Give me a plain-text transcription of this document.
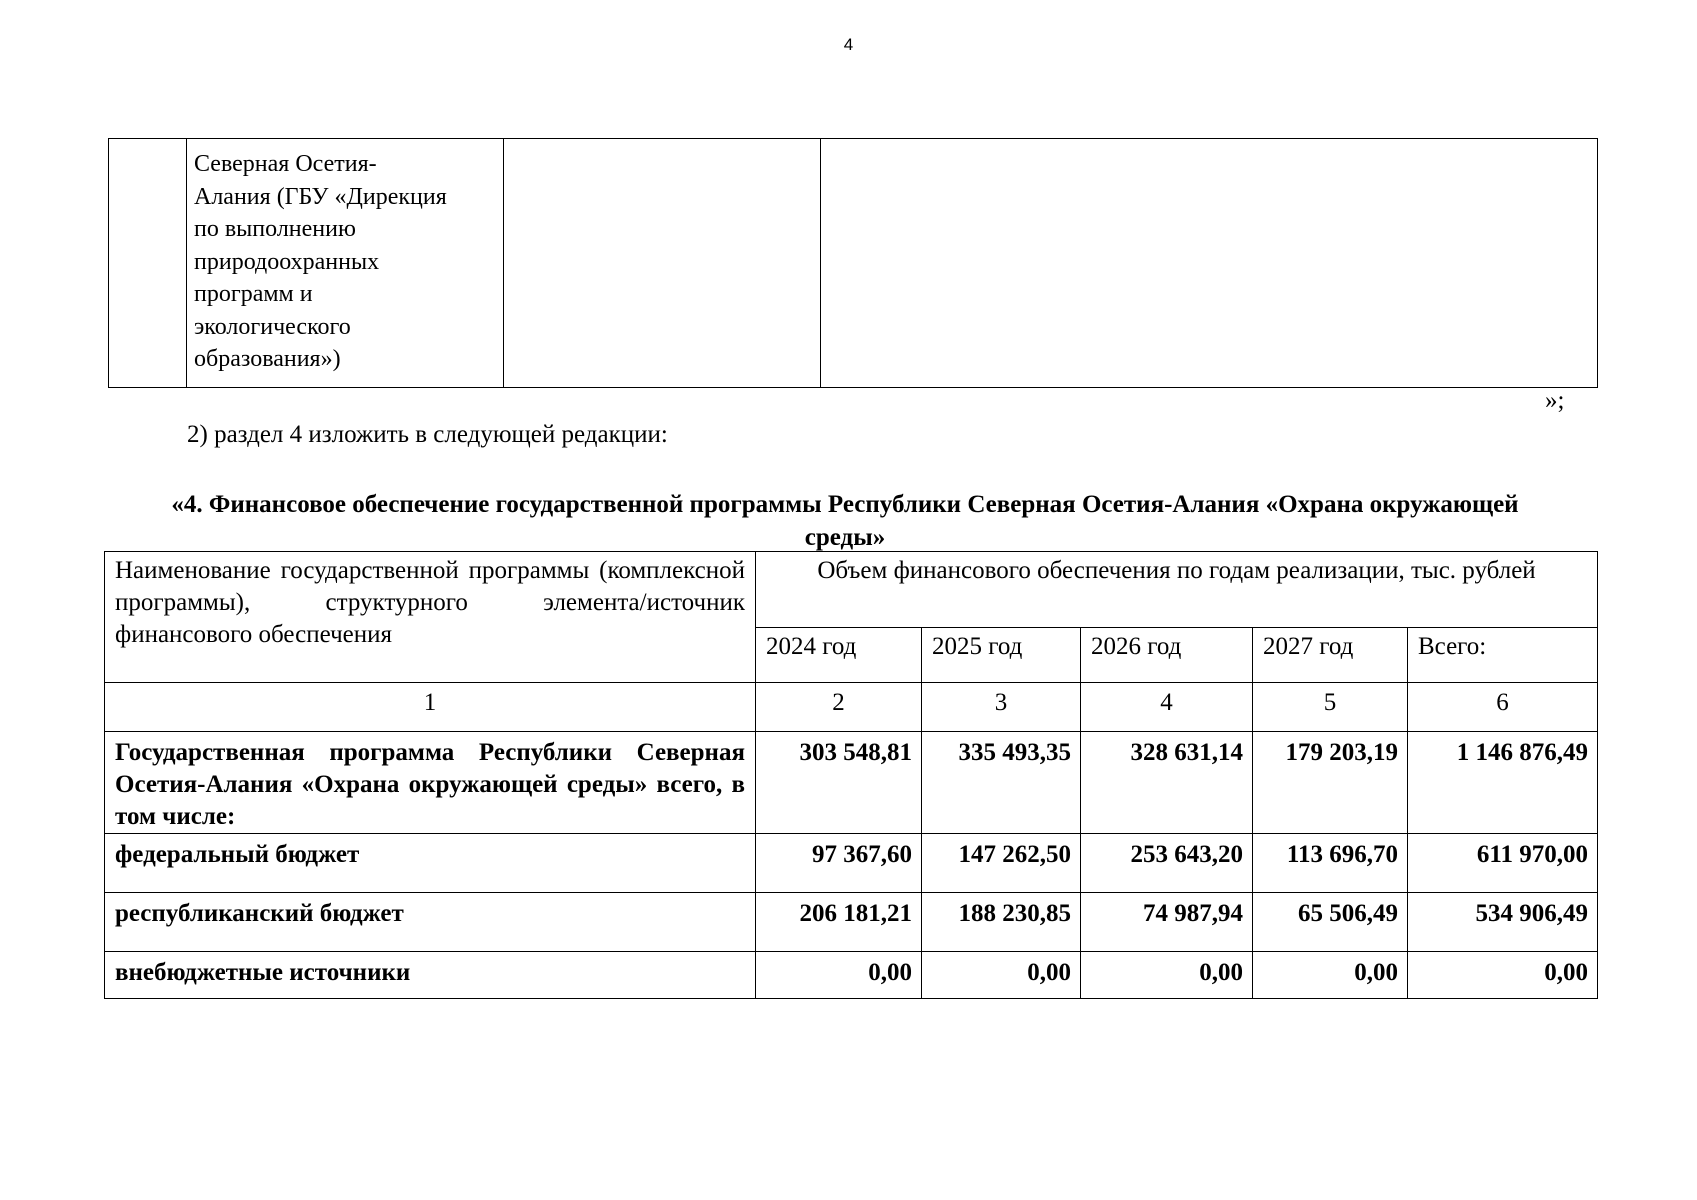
4

Северная Осетия-
Алания (ГБУ «Дирекция
по выполнению
природоохранных
программ и
экологического
образования»)

»;
2) раздел 4 изложить в следующей редакции:
«4. Финансовое обеспечение государственной программы Республики Северная Осетия-Алания «Охрана окружающей среды»
Наименование государственной программы (комплексной программы), структурного элемента/источник финансового обеспечения	Объем финансового обеспечения по годам реализации, тыс. рублей				
	2024 год	2025 год	2026 год	2027 год	Всего:
1	2	3	4	5	6
Государственная программа Республики Северная Осетия-Алания «Охрана окружающей среды» всего, в том числе:	303 548,81	335 493,35	328 631,14	179 203,19	1 146 876,49
федеральный бюджет	97 367,60	147 262,50	253 643,20	113 696,70	611 970,00
республиканский бюджет	206 181,21	188 230,85	74 987,94	65 506,49	534 906,49
внебюджетные источники	0,00	0,00	0,00	0,00	0,00
